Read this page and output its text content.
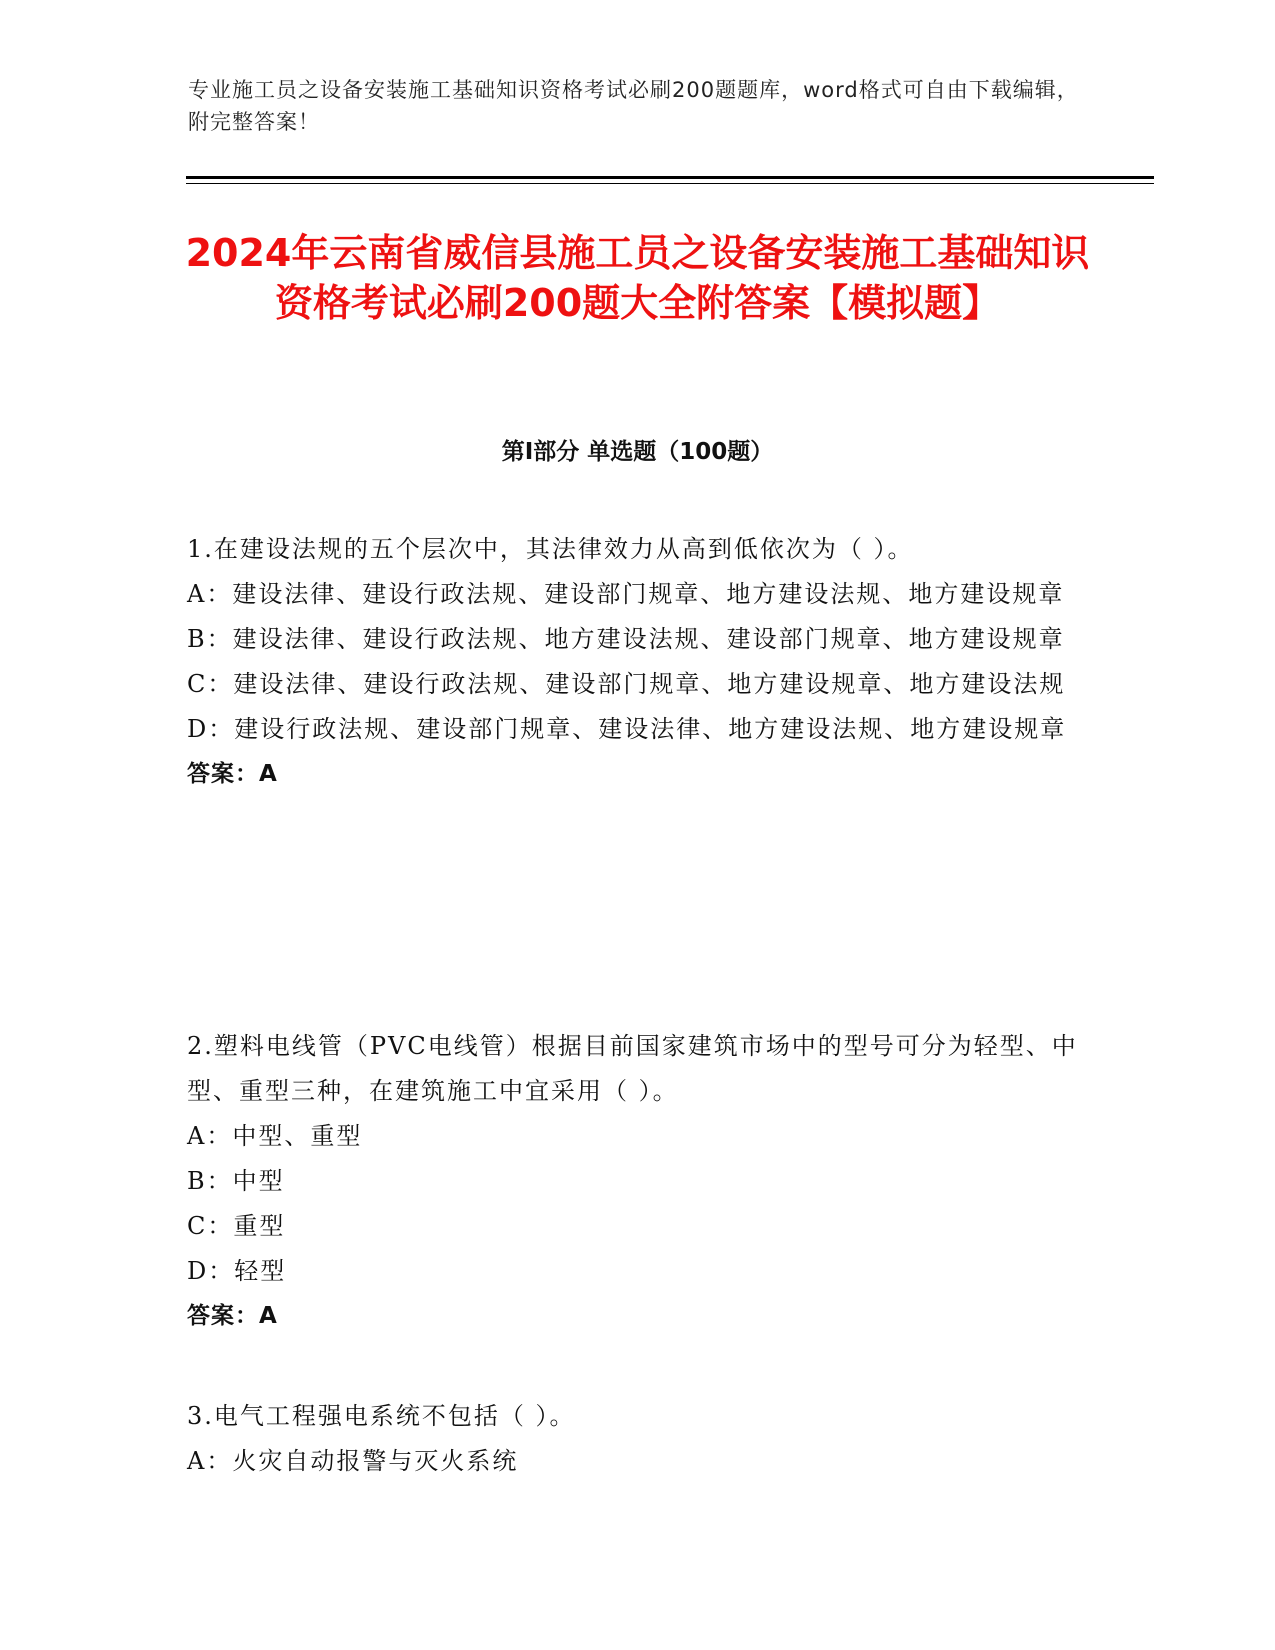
专业施工员之设备安装施工基础知识资格考试必刷200题题库，word格式可自由下载编辑，附完整答案！
2024年云南省威信县施工员之设备安装施工基础知识资格考试必刷200题大全附答案【模拟题】
第I部分 单选题（100题）
1.在建设法规的五个层次中，其法律效力从高到低依次为（ ）。
A：建设法律、建设行政法规、建设部门规章、地方建设法规、地方建设规章
B：建设法律、建设行政法规、地方建设法规、建设部门规章、地方建设规章
C：建设法律、建设行政法规、建设部门规章、地方建设规章、地方建设法规
D：建设行政法规、建设部门规章、建设法律、地方建设法规、地方建设规章
答案：A
2.塑料电线管（PVC电线管）根据目前国家建筑市场中的型号可分为轻型、中型、重型三种，在建筑施工中宜采用（ ）。
A：中型、重型
B：中型
C：重型
D：轻型
答案：A
3.电气工程强电系统不包括（ ）。
A：火灾自动报警与灭火系统
